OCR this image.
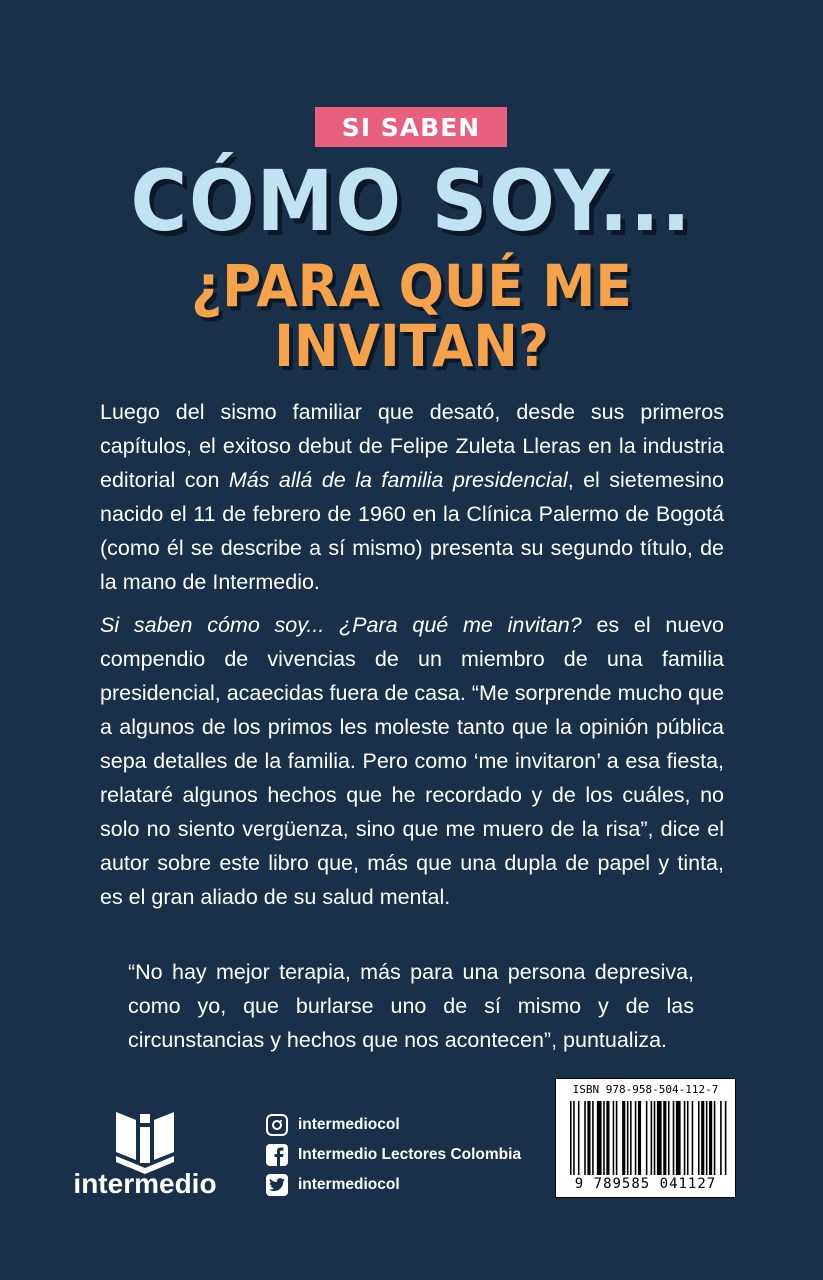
SI SABEN
CÓMO SOY...
¿PARA QUÉ ME
INVITAN?

Luego del sismo familiar que desató, desde sus primeros capítulos, el exitoso debut de Felipe Zuleta Lleras en la industria editorial con Más allá de la familia presidencial, el sietemesino nacido el 11 de febrero de 1960 en la Clínica Palermo de Bogotá (como él se describe a sí mismo) presenta su segundo título, de la mano de Intermedio.

Si saben cómo soy... ¿Para qué me invitan? es el nuevo compendio de vivencias de un miembro de una familia presidencial, acaecidas fuera de casa. “Me sorprende mucho que a algunos de los primos les moleste tanto que la opinión pública sepa detalles de la familia. Pero como ‘me invitaron’ a esa fiesta, relataré algunos hechos que he recordado y de los cuáles, no solo no siento vergüenza, sino que me muero de la risa”, dice el autor sobre este libro que, más que una dupla de papel y tinta, es el gran aliado de su salud mental.

“No hay mejor terapia, más para una persona depresiva, como yo, que burlarse uno de sí mismo y de las circunstancias y hechos que nos acontecen”, puntualiza.

intermedio
intermediocol
Intermedio Lectores Colombia
intermediocol
ISBN 978-958-504-112-7
9 789585 041127
